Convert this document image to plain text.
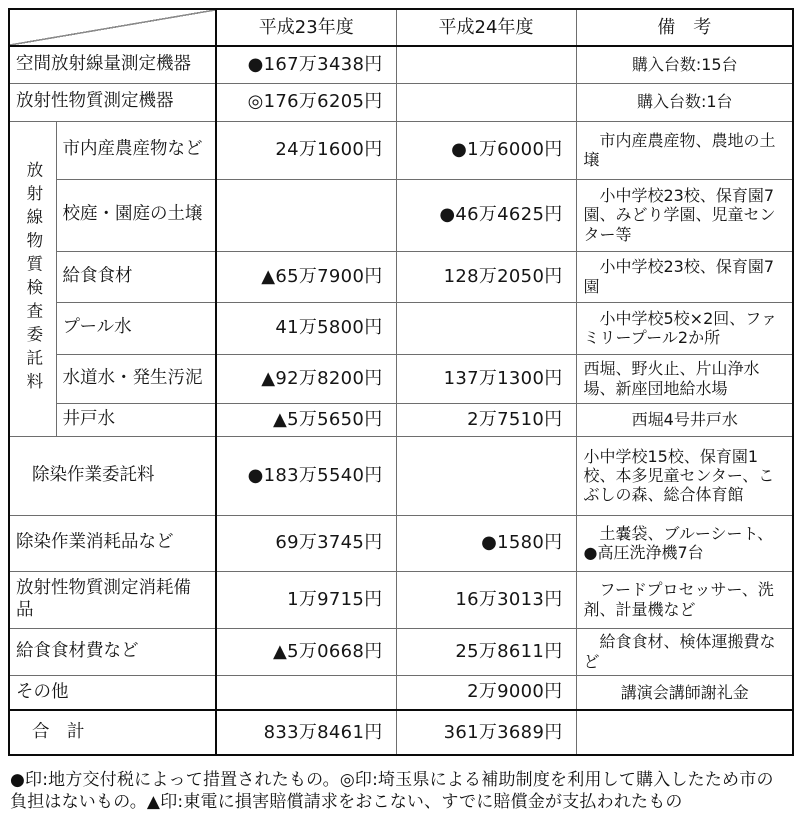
		平成23年度	平成24年度	備　考
空間放射線量測定機器		●167万3438円		購入台数:15台
放射性物質測定機器		◎176万6205円		購入台数:1台
放射線物質検査委託料	市内産農産物など	24万1600円	●1万6000円	市内産農産物、農地の土壌
	校庭・園庭の土壌		●46万4625円	小中学校23校、保育園7園、みどり学園、児童センター等
	給食食材	▲65万7900円	128万2050円	小中学校23校、保育園7園
	プール水	41万5800円		小中学校5校×2回、ファミリープール2か所
	水道水・発生汚泥	▲92万8200円	137万1300円	西堀、野火止、片山浄水場、新座団地給水場
	井戸水	▲5万5650円	2万7510円	西堀4号井戸水
除染作業委託料		●183万5540円		小中学校15校、保育園1校、本多児童センター、こぶしの森、総合体育館
除染作業消耗品など		69万3745円	●1580円	土嚢袋、ブルーシート、●高圧洗浄機7台
放射性物質測定消耗備品		1万9715円	16万3013円	フードプロセッサー、洗剤、計量機など
給食食材費など		▲5万0668円	25万8611円	給食食材、検体運搬費など
その他			2万9000円	講演会講師謝礼金
合　計		833万8461円	361万3689円	
●印:地方交付税によって措置されたもの。◎印:埼玉県による補助制度を利用して購入したため市の負担はないもの。▲印:東電に損害賠償請求をおこない、すでに賠償金が支払われたもの
